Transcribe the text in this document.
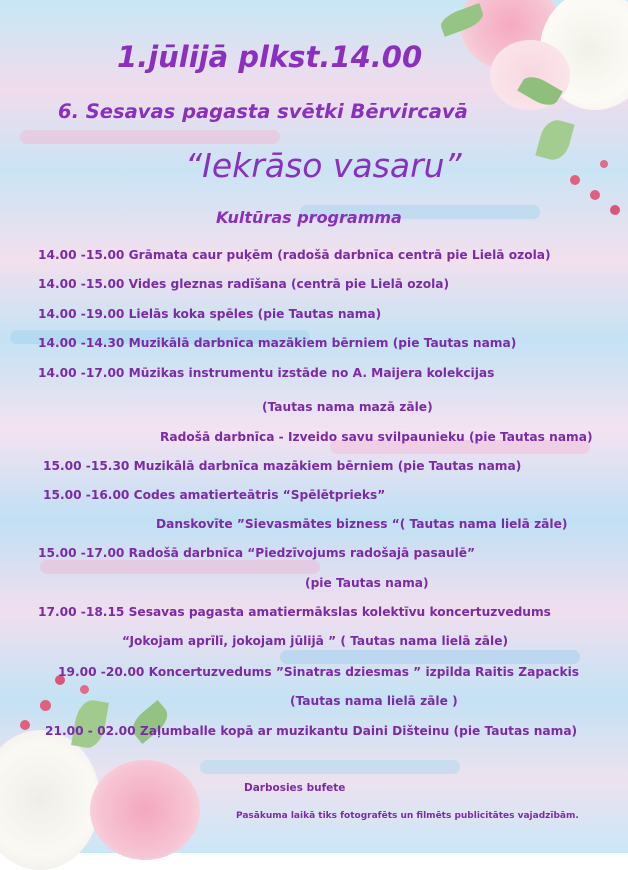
1.jūlijā plkst.14.00
6. Sesavas pagasta svētki Bērvircavā
“Iekrāso vasaru”
Kultūras programma
14.00 -15.00 Grāmata caur puķēm (radošā darbnīca centrā pie Lielā ozola)
14.00 -15.00 Vides gleznas radīšana (centrā pie Lielā ozola)
14.00 -19.00 Lielās koka spēles (pie Tautas nama)
14.00 -14.30 Muzikālā darbnīca mazākiem bērniem (pie Tautas nama)
14.00 -17.00 Mūzikas instrumentu izstāde no A. Maijera kolekcijas
(Tautas nama mazā zāle)
Radošā darbnīca - Izveido savu svilpaunieku (pie Tautas nama)
15.00 -15.30 Muzikālā darbnīca mazākiem bērniem (pie Tautas nama)
15.00 -16.00 Codes amatierteātris “Spēlētprieks”
Danskovīte ”Sievasmātes bizness “( Tautas nama lielā zāle)
15.00 -17.00 Radošā darbnīca “Piedzīvojums radošajā pasaulē”
(pie Tautas nama)
17.00 -18.15 Sesavas pagasta amatiermākslas kolektīvu koncertuzvedums
“Jokojam aprīlī, jokojam jūlijā ” ( Tautas nama lielā zāle)
19.00 -20.00 Koncertuzvedums ”Sinatras dziesmas ” izpilda Raitis Zapackis
(Tautas nama lielā zāle )
21.00 - 02.00 Zaļumballe kopā ar muzikantu Daini Dišteinu (pie Tautas nama)
Darbosies bufete
Pasākuma laikā tiks fotografēts un filmēts publicitātes vajadzībām.
